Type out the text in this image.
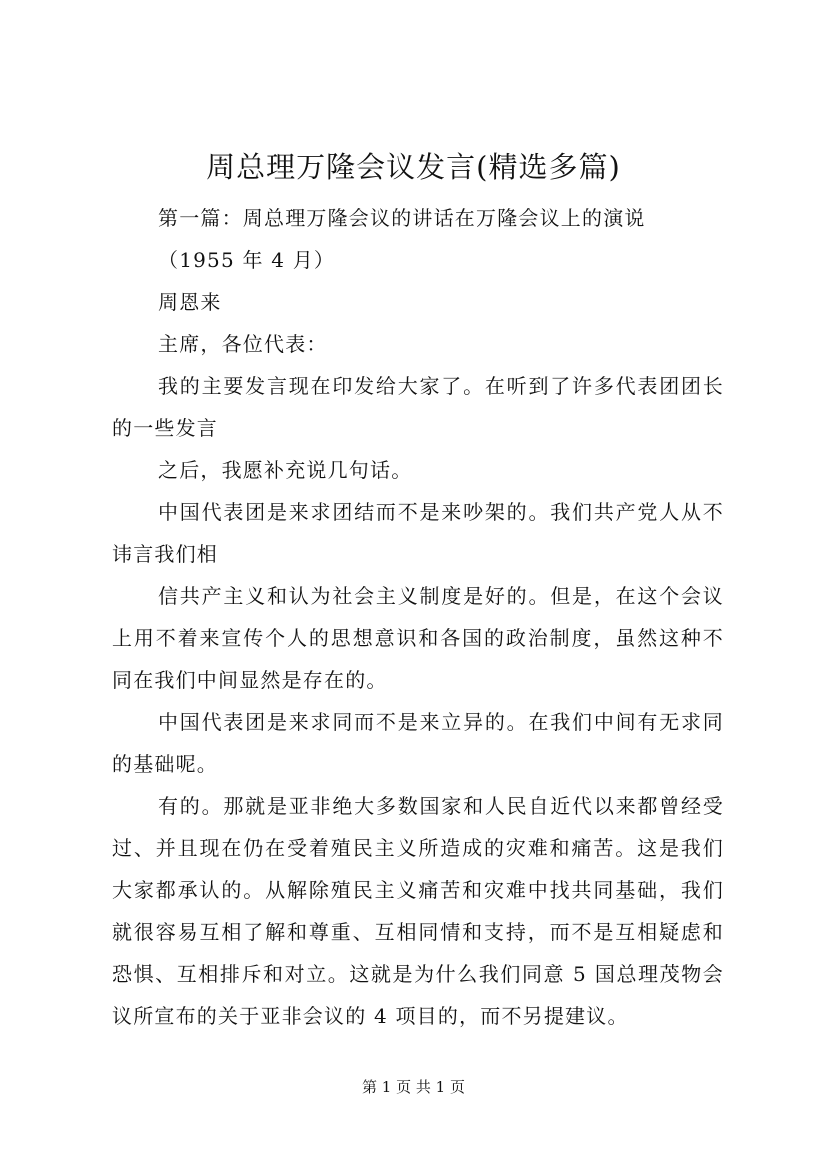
周总理万隆会议发言(精选多篇)

第一篇：周总理万隆会议的讲话在万隆会议上的演说

（1955 年 4 月）

周恩来

主席，各位代表：

我的主要发言现在印发给大家了。在听到了许多代表团团长的一些发言

之后，我愿补充说几句话。

中国代表团是来求团结而不是来吵架的。我们共产党人从不讳言我们相

信共产主义和认为社会主义制度是好的。但是，在这个会议上用不着来宣传个人的思想意识和各国的政治制度，虽然这种不同在我们中间显然是存在的。

中国代表团是来求同而不是来立异的。在我们中间有无求同的基础呢。

有的。那就是亚非绝大多数国家和人民自近代以来都曾经受过、并且现在仍在受着殖民主义所造成的灾难和痛苦。这是我们大家都承认的。从解除殖民主义痛苦和灾难中找共同基础，我们就很容易互相了解和尊重、互相同情和支持，而不是互相疑虑和恐惧、互相排斥和对立。这就是为什么我们同意 5 国总理茂物会议所宣布的关于亚非会议的 4 项目的，而不另提建议。

第 1 页 共 1 页
